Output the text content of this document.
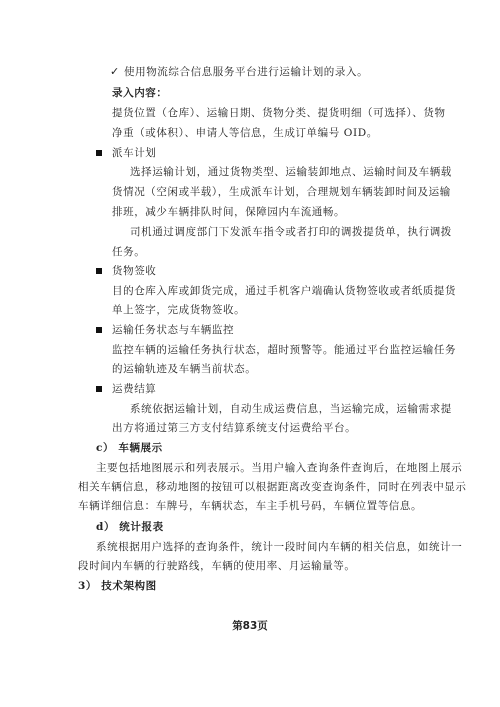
✓ 使用物流综合信息服务平台进行运输计划的录入。
录入内容：
提货位置（仓库）、运输日期、货物分类、提货明细（可选择）、货物
净重（或体积）、申请人等信息，生成订单编号 OID。
派车计划
选择运输计划，通过货物类型、运输装卸地点、运输时间及车辆载
货情况（空闲或半载），生成派车计划，合理规划车辆装卸时间及运输
排班，减少车辆排队时间，保障园内车流通畅。
司机通过调度部门下发派车指令或者打印的调拨提货单，执行调拨
任务。
货物签收
目的仓库入库或卸货完成，通过手机客户端确认货物签收或者纸质提货
单上签字，完成货物签收。
运输任务状态与车辆监控
监控车辆的运输任务执行状态，超时预警等。能通过平台监控运输任务
的运输轨迹及车辆当前状态。
运费结算
系统依据运输计划，自动生成运费信息，当运输完成，运输需求提
出方将通过第三方支付结算系统支付运费给平台。
c） 车辆展示
主要包括地图展示和列表展示。当用户输入查询条件查询后，在地图上展示
相关车辆信息，移动地图的按钮可以根据距离改变查询条件，同时在列表中显示
车辆详细信息：车牌号，车辆状态，车主手机号码，车辆位置等信息。
d） 统计报表
系统根据用户选择的查询条件，统计一段时间内车辆的相关信息，如统计一
段时间内车辆的行驶路线，车辆的使用率、月运输量等。
3） 技术架构图
第83页
